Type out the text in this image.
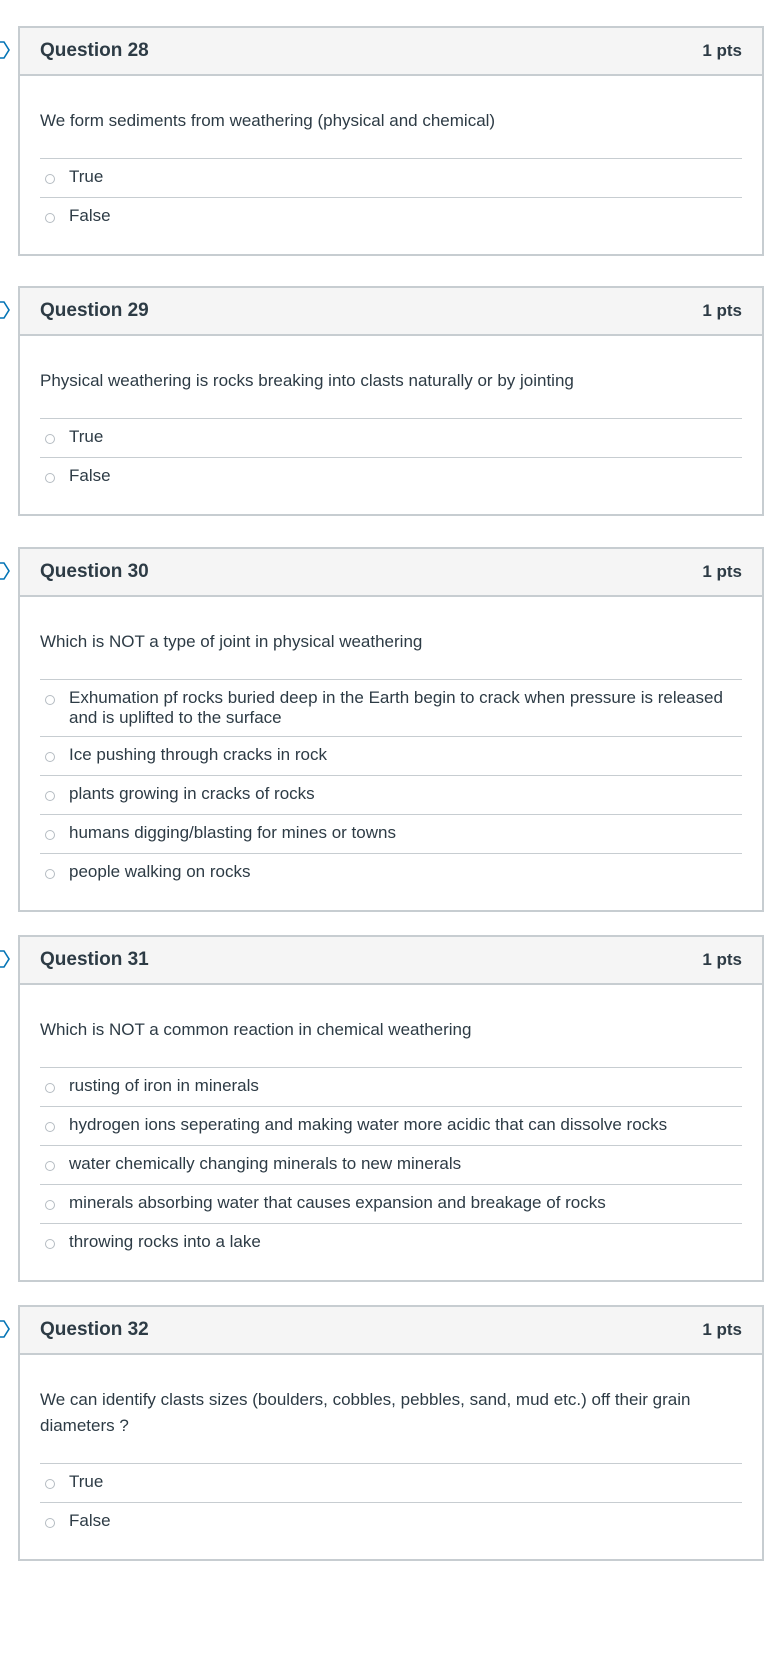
Question 28	1 pts
We form sediments from weathering (physical and chemical)
True
False
Question 29	1 pts
Physical weathering is rocks breaking into clasts naturally or by jointing
True
False
Question 30	1 pts
Which is NOT a type of joint in physical weathering
Exhumation pf rocks buried deep in the Earth begin to crack when pressure is released and is uplifted to the surface
Ice pushing through cracks in rock
plants growing in cracks of rocks
humans digging/blasting for mines or towns
people walking on rocks
Question 31	1 pts
Which is NOT a common reaction in chemical weathering
rusting of iron in minerals
hydrogen ions seperating and making water more acidic that can dissolve rocks
water chemically changing minerals to new minerals
minerals absorbing water that causes expansion and breakage of rocks
throwing rocks into a lake
Question 32	1 pts
We can identify clasts sizes (boulders, cobbles, pebbles, sand, mud etc.) off their grain diameters ?
True
False
